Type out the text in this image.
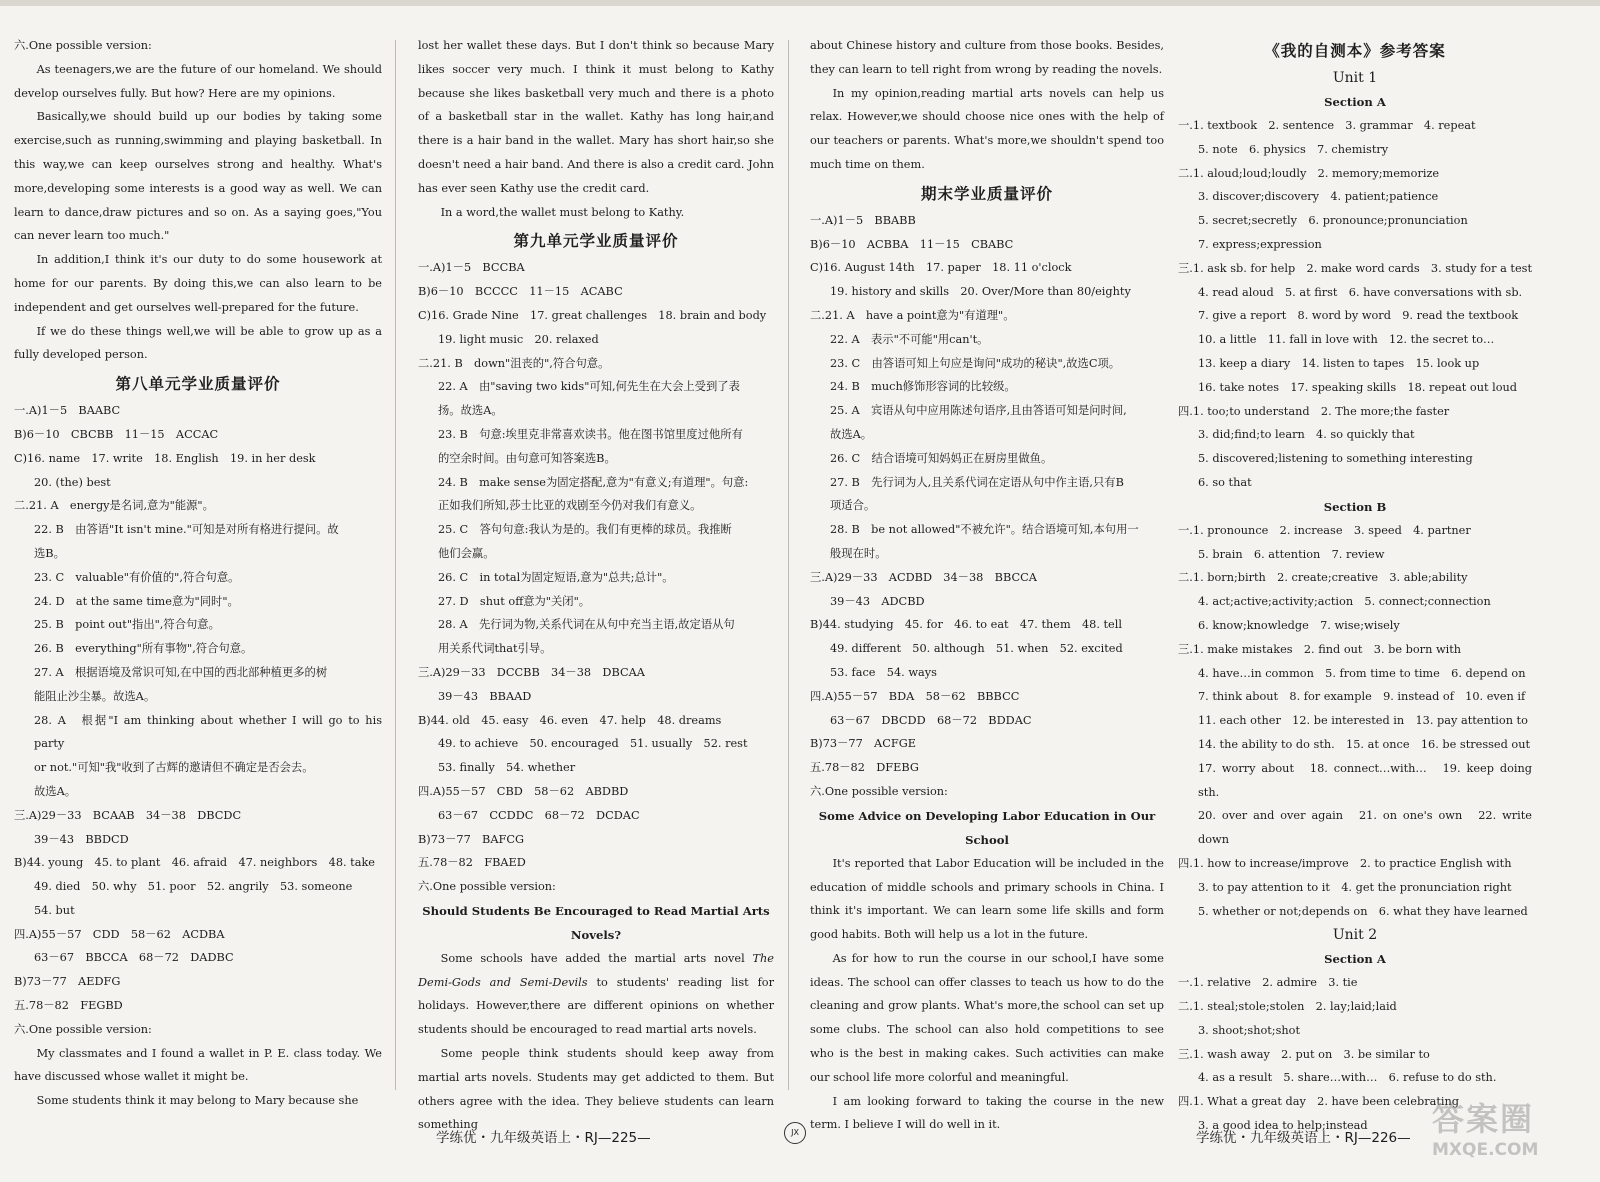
六.One possible version:

As teenagers,we are the future of our homeland. We should develop ourselves fully. But how? Here are my opinions.

Basically,we should build up our bodies by taking some exercise,such as running,swimming and playing basketball. In this way,we can keep ourselves strong and healthy. What's more,developing some interests is a good way as well. We can learn to dance,draw pictures and so on. As a saying goes,"You can never learn too much."

In addition,I think it's our duty to do some housework at home for our parents. By doing this,we can also learn to be independent and get ourselves well-prepared for the future.

If we do these things well,we will be able to grow up as a fully developed person.

第八单元学业质量评价

一.A)1－5　BAABC

B)6－10　CBCBB　11－15　ACCAC

C)16. name　17. write　18. English　19. in her desk

20. (the) best

二.21. A　energy是名词,意为"能源"。

22. B　由答语"It isn't mine."可知是对所有格进行提问。故

选B。

23. C　valuable"有价值的",符合句意。

24. D　at the same time意为"同时"。

25. B　point out"指出",符合句意。

26. B　everything"所有事物",符合句意。

27. A　根据语境及常识可知,在中国的西北部种植更多的树

能阻止沙尘暴。故选A。

28. A　根据"I am thinking about whether I will go to his party

or not."可知"我"收到了古辉的邀请但不确定是否会去。

故选A。

三.A)29－33　BCAAB　34－38　DBCDC

39－43　BBDCD

B)44. young　45. to plant　46. afraid　47. neighbors　48. take

49. died　50. why　51. poor　52. angrily　53. someone

54. but

四.A)55－57　CDD　58－62　ACDBA

63－67　BBCCA　68－72　DADBC

B)73－77　AEDFG

五.78－82　FEGBD

六.One possible version:

My classmates and I found a wallet in P. E. class today. We have discussed whose wallet it might be.

Some students think it may belong to Mary because she

lost her wallet these days. But I don't think so because Mary likes soccer very much. I think it must belong to Kathy because she likes basketball very much and there is a photo of a basketball star in the wallet. Kathy has long hair,and there is a hair band in the wallet. Mary has short hair,so she doesn't need a hair band. And there is also a credit card. John has ever seen Kathy use the credit card.

In a word,the wallet must belong to Kathy.

第九单元学业质量评价

一.A)1－5　BCCBA

B)6－10　BCCCC　11－15　ACABC

C)16. Grade Nine　17. great challenges　18. brain and body

19. light music　20. relaxed

二.21. B　down"沮丧的",符合句意。

22. A　由"saving two kids"可知,何先生在大会上受到了表

扬。故选A。

23. B　句意:埃里克非常喜欢读书。他在图书馆里度过他所有

的空余时间。由句意可知答案选B。

24. B　make sense为固定搭配,意为"有意义;有道理"。句意:

正如我们所知,莎士比亚的戏剧至今仍对我们有意义。

25. C　答句句意:我认为是的。我们有更棒的球员。我推断

他们会赢。

26. C　in total为固定短语,意为"总共;总计"。

27. D　shut off意为"关闭"。

28. A　先行词为物,关系代词在从句中充当主语,故定语从句

用关系代词that引导。

三.A)29－33　DCCBB　34－38　DBCAA

39－43　BBAAD

B)44. old　45. easy　46. even　47. help　48. dreams

49. to achieve　50. encouraged　51. usually　52. rest

53. finally　54. whether

四.A)55－57　CBD　58－62　ABDBD

63－67　CCDDC　68－72　DCDAC

B)73－77　BAFCG

五.78－82　FBAED

六.One possible version:

Should Students Be Encouraged to Read Martial Arts Novels?

Some schools have added the martial arts novel The Demi-Gods and Semi-Devils to students' reading list for holidays. However,there are different opinions on whether students should be encouraged to read martial arts novels.

Some people think students should keep away from martial arts novels. Students may get addicted to them. But others agree with the idea. They believe students can learn something

about Chinese history and culture from those books. Besides, they can learn to tell right from wrong by reading the novels.

In my opinion,reading martial arts novels can help us relax. However,we should choose nice ones with the help of our teachers or parents. What's more,we shouldn't spend too much time on them.

期末学业质量评价

一.A)1－5　BBABB

B)6－10　ACBBA　11－15　CBABC

C)16. August 14th　17. paper　18. 11 o'clock

19. history and skills　20. Over/More than 80/eighty

二.21. A　have a point意为"有道理"。

22. A　表示"不可能"用can't。

23. C　由答语可知上句应是询问"成功的秘诀",故选C项。

24. B　much修饰形容词的比较级。

25. A　宾语从句中应用陈述句语序,且由答语可知是问时间,

故选A。

26. C　结合语境可知妈妈正在厨房里做鱼。

27. B　先行词为人,且关系代词在定语从句中作主语,只有B

项适合。

28. B　be not allowed"不被允许"。结合语境可知,本句用一

般现在时。

三.A)29－33　ACDBD　34－38　BBCCA

39－43　ADCBD

B)44. studying　45. for　46. to eat　47. them　48. tell

49. different　50. although　51. when　52. excited

53. face　54. ways

四.A)55－57　BDA　58－62　BBBCC

63－67　DBCDD　68－72　BDDAC

B)73－77　ACFGE

五.78－82　DFEBG

六.One possible version:

Some Advice on Developing Labor Education in Our School

It's reported that Labor Education will be included in the education of middle schools and primary schools in China. I think it's important. We can learn some life skills and form good habits. Both will help us a lot in the future.

As for how to run the course in our school,I have some ideas. The school can offer classes to teach us how to do the cleaning and grow plants. What's more,the school can set up some clubs. The school can also hold competitions to see who is the best in making cakes. Such activities can make our school life more colorful and meaningful.

I am looking forward to taking the course in the new term. I believe I will do well in it.

《我的自测本》参考答案
Unit 1
Section A

一.1. textbook　2. sentence　3. grammar　4. repeat

5. note　6. physics　7. chemistry

二.1. aloud;loud;loudly　2. memory;memorize

3. discover;discovery　4. patient;patience

5. secret;secretly　6. pronounce;pronunciation

7. express;expression

三.1. ask sb. for help　2. make word cards　3. study for a test

4. read aloud　5. at first　6. have conversations with sb.

7. give a report　8. word by word　9. read the textbook

10. a little　11. fall in love with　12. the secret to…

13. keep a diary　14. listen to tapes　15. look up

16. take notes　17. speaking skills　18. repeat out loud

四.1. too;to understand　2. The more;the faster

3. did;find;to learn　4. so quickly that

5. discovered;listening to something interesting

6. so that

Section B

一.1. pronounce　2. increase　3. speed　4. partner

5. brain　6. attention　7. review

二.1. born;birth　2. create;creative　3. able;ability

4. act;active;activity;action　5. connect;connection

6. know;knowledge　7. wise;wisely

三.1. make mistakes　2. find out　3. be born with

4. have…in common　5. from time to time　6. depend on

7. think about　8. for example　9. instead of　10. even if

11. each other　12. be interested in　13. pay attention to

14. the ability to do sth.　15. at once　16. be stressed out

17. worry about　18. connect…with…　19. keep doing sth.

20. over and over again　21. on one's own　22. write down

四.1. how to increase/improve　2. to practice English with

3. to pay attention to it　4. get the pronunciation right

5. whether or not;depends on　6. what they have learned

Unit 2
Section A

一.1. relative　2. admire　3. tie

二.1. steal;stole;stolen　2. lay;laid;laid

3. shoot;shot;shot

三.1. wash away　2. put on　3. be similar to

4. as a result　5. share…with…　6. refuse to do sth.

四.1. What a great day　2. have been celebrating

3. a good idea to help;instead

学练优・九年级英语上・RJ—225—	JX	学练优・九年级英语上・RJ—226— 答案圈
MXQE.COM
